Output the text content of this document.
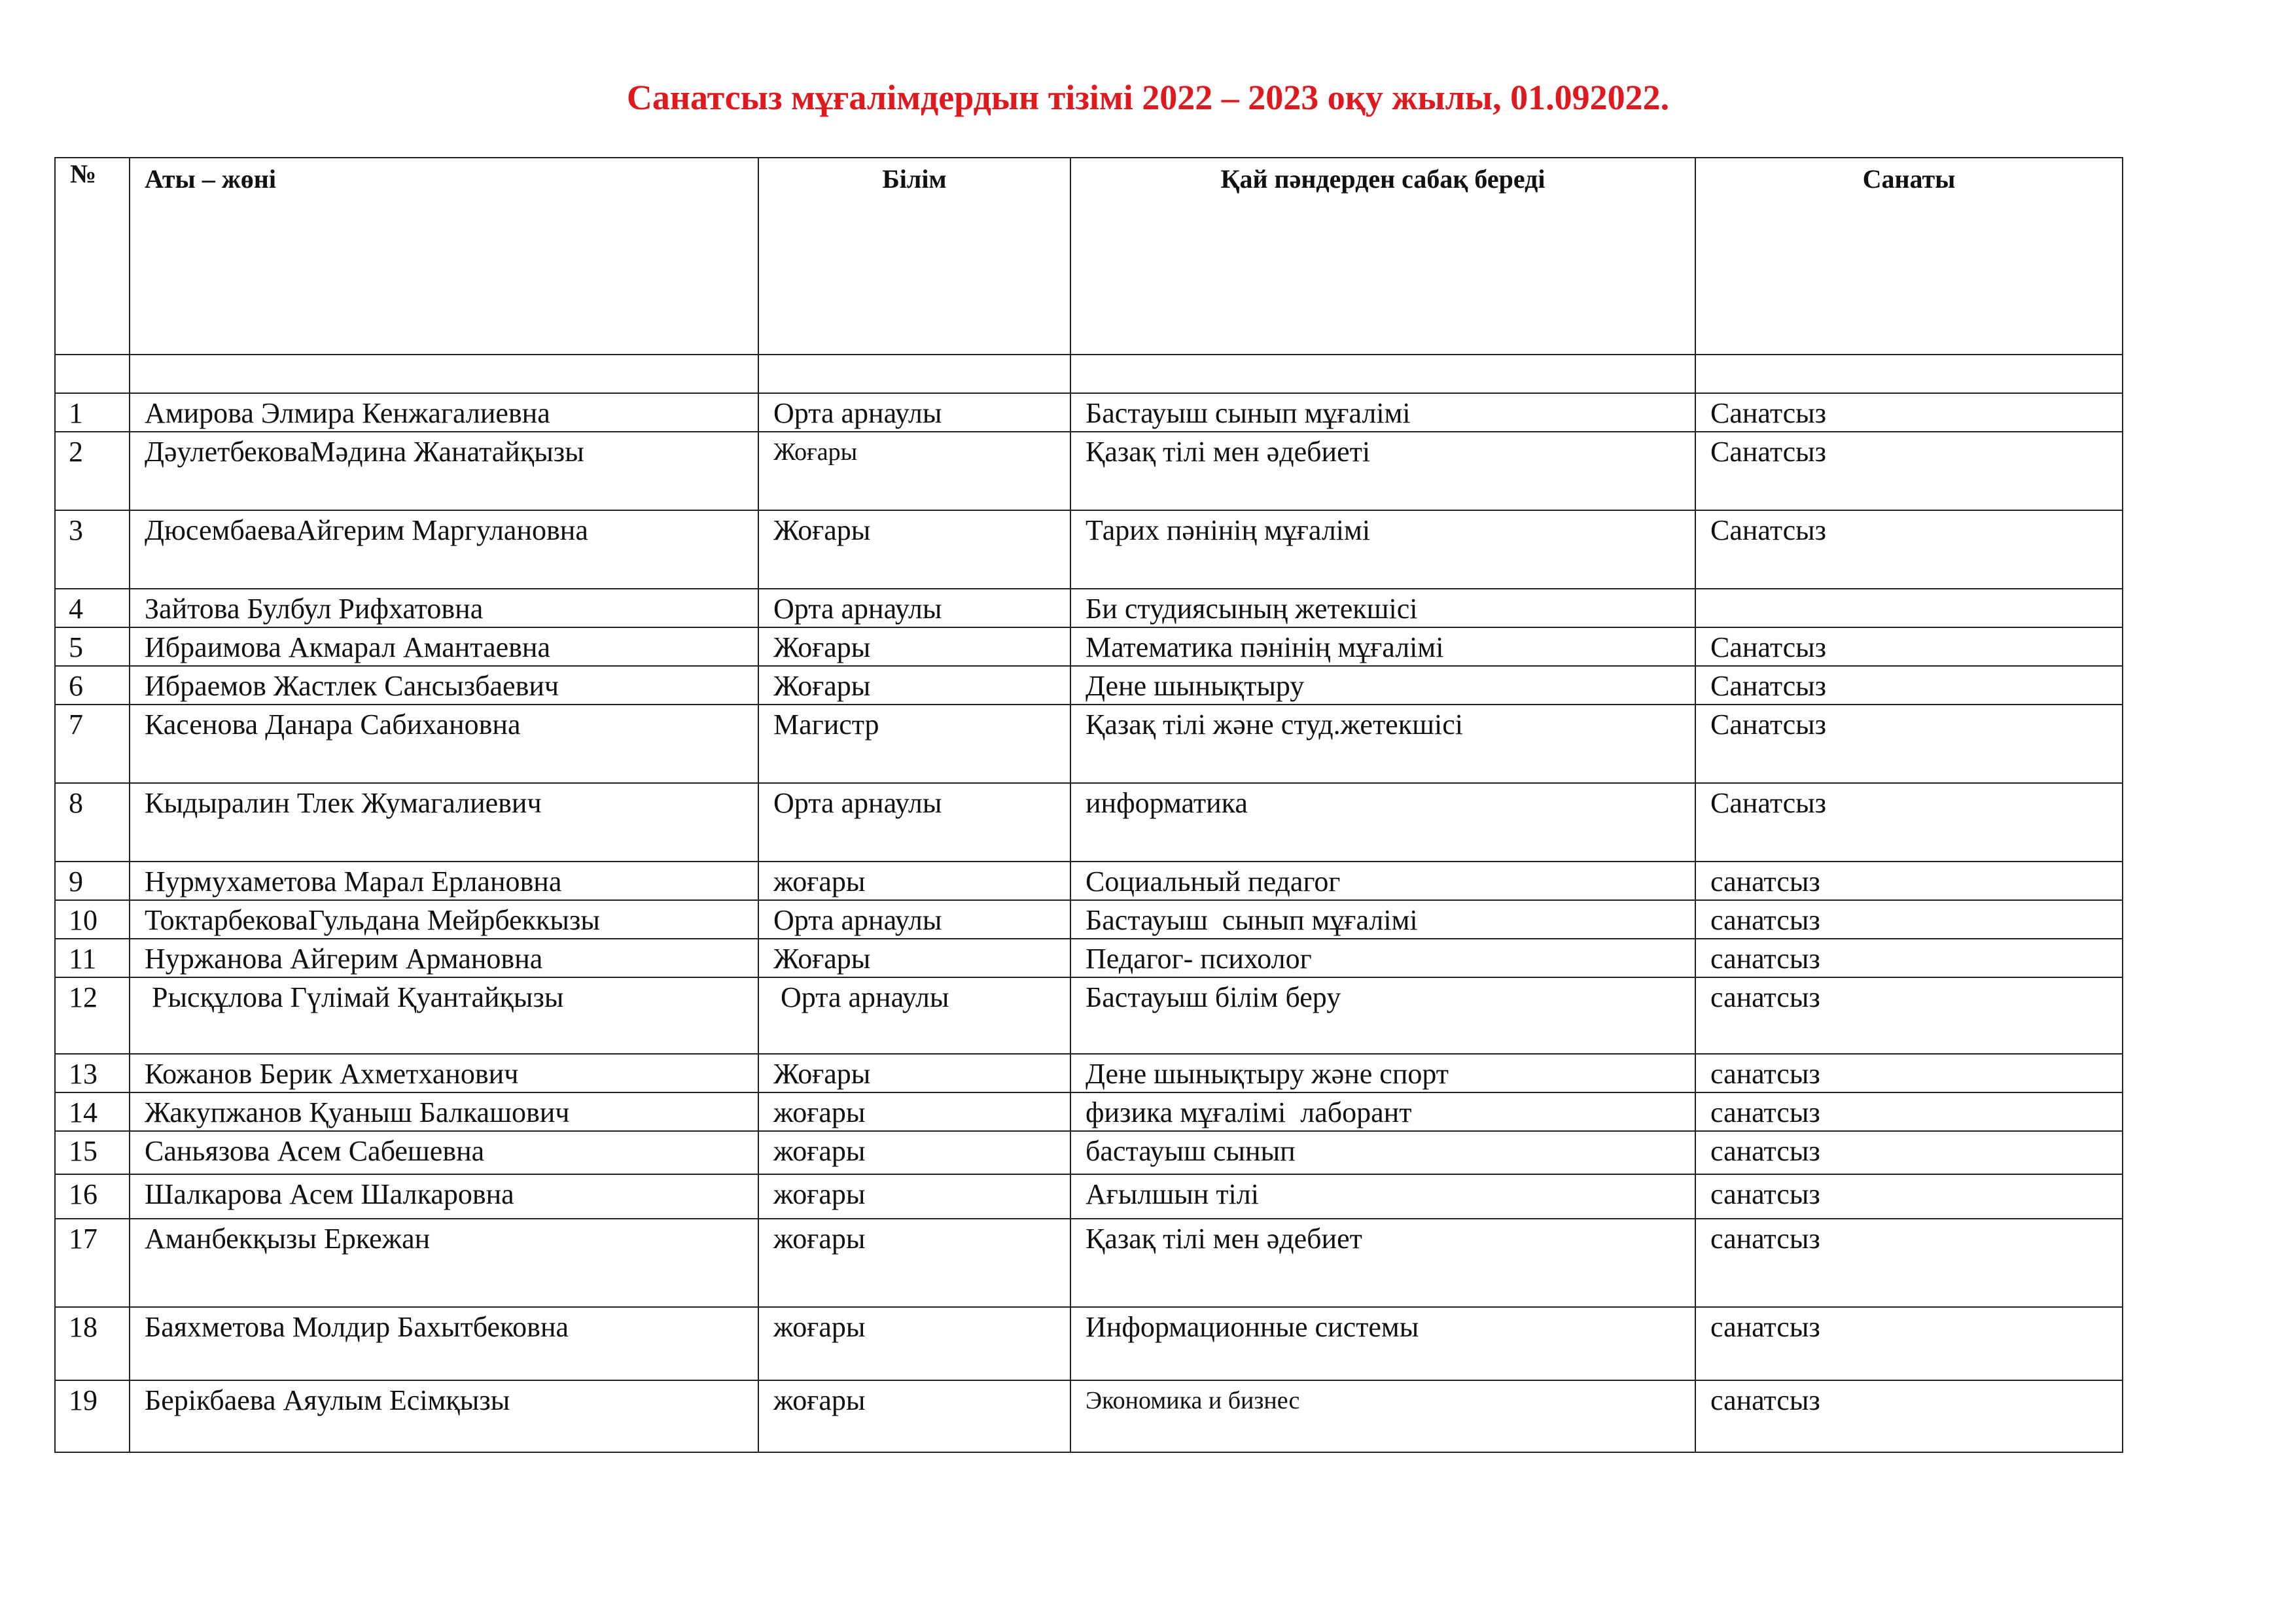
Санатсыз мұғалімдердын тізімі 2022 – 2023 оқу жылы, 01.092022.
№	Аты – жөні	Білім	Қай пәндерден сабақ береді	Санаты

1	Амирова Элмира Кенжагалиевна	Орта арнаулы	Бастауыш сынып мұғалімі	Санатсыз
2	ДәулетбековаМәдина Жанатайқызы	Жоғары	Қазақ тілі мен әдебиеті	Санатсыз
3	ДюсембаеваАйгерим Маргулановна	Жоғары	Тарих пәнінің мұғалімі	Санатсыз
4	Зайтова Булбул Рифхатовна	Орта арнаулы	Би студиясының жетекшісі	
5	Ибраимова Акмарал Амантаевна	Жоғары	Математика пәнінің мұғалімі	Санатсыз
6	Ибраемов Жастлек Сансызбаевич	Жоғары	Дене шынықтыру	Санатсыз
7	Касенова Данара Сабихановна	Магистр	Қазақ тілі және студ.жетекшісі	Санатсыз
8	Кыдыралин Тлек Жумагалиевич	Орта арнаулы	информатика	Санатсыз
9	Нурмухаметова Марал Ерлановна	жоғары	Социальный педагог	санатсыз
10	ТоктарбековаГульдана Мейрбеккызы	Орта арнаулы	Бастауыш  сынып мұғалімі	санатсыз
11	Нуржанова Айгерим Армановна	Жоғары	Педагог- психолог	санатсыз
12	Рысқұлова Гүлімай Қуантайқызы	Орта арнаулы	Бастауыш білім беру	санатсыз
13	Кожанов Берик Ахметханович	Жоғары	Дене шынықтыру және спорт	санатсыз
14	Жакупжанов Қуаныш Балкашович	жоғары	физика мұғалімі  лаборант	санатсыз
15	Саньязова Асем Сабешевна	жоғары	бастауыш сынып	санатсыз
16	Шалкарова Асем Шалкаровна	жоғары	Ағылшын тілі	санатсыз
17	Аманбекқызы Еркежан	жоғары	Қазақ тілі мен әдебиет	санатсыз
18	Баяхметова Молдир Бахытбековна	жоғары	Информационные системы	санатсыз
19	Берікбаева Аяулым Есімқызы	жоғары	Экономика и бизнес	санатсыз
